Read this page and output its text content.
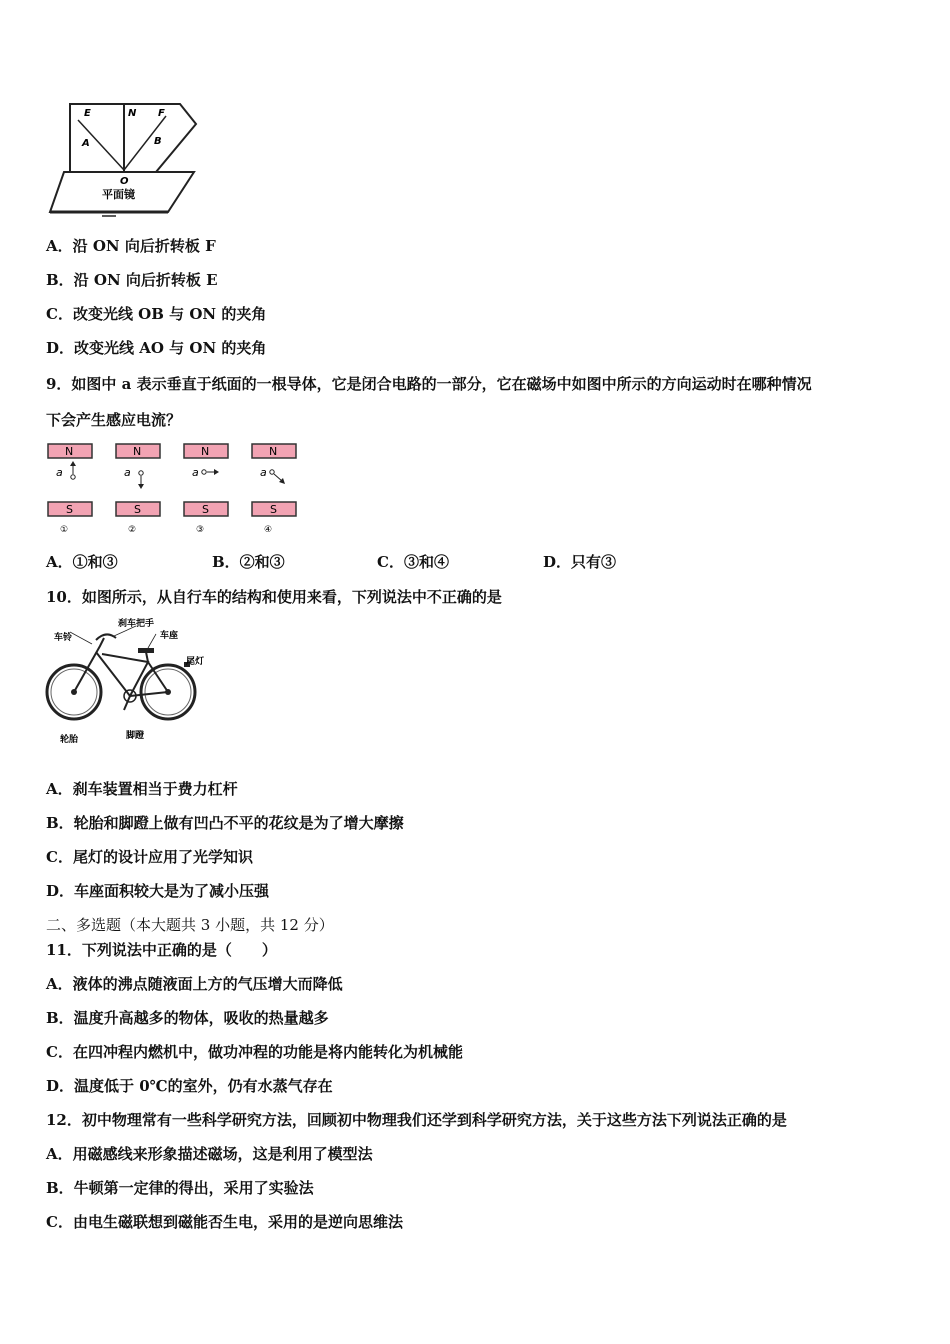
E	N F
A	B
O
平面镜
A．沿 ON 向后折转板 F
B．沿 ON 向后折转板 E
C．改变光线 OB 与 ON 的夹角
D．改变光线 AO 与 ON 的夹角
9．如图中 a 表示垂直于纸面的一根导体，它是闭合电路的一部分，它在磁场中如图中所示的方向运动时在哪种情况
下会产生感应电流？
N
a
S
①
N
a
S
②
N
a
S
③
N
a
S
④
A．①和③	B．②和③	C．③和④	D．只有③
10．如图所示，从自行车的结构和使用来看，下列说法中不正确的是
车铃
刹车把手
车座
尾灯
轮胎	脚蹬
A．刹车装置相当于费力杠杆
B．轮胎和脚蹬上做有凹凸不平的花纹是为了增大摩擦
C．尾灯的设计应用了光学知识
D．车座面积较大是为了减小压强
二、多选题（本大题共 3 小题，共 12 分）
11．下列说法中正确的是（　　）
A．液体的沸点随液面上方的气压增大而降低
B．温度升高越多的物体，吸收的热量越多
C．在四冲程内燃机中，做功冲程的功能是将内能转化为机械能
D．温度低于 0℃的室外，仍有水蒸气存在
12．初中物理常有一些科学研究方法，回顾初中物理我们还学到科学研究方法，关于这些方法下列说法正确的是
A．用磁感线来形象描述磁场，这是利用了模型法
B．牛顿第一定律的得出，采用了实验法
C．由电生磁联想到磁能否生电，采用的是逆向思维法
